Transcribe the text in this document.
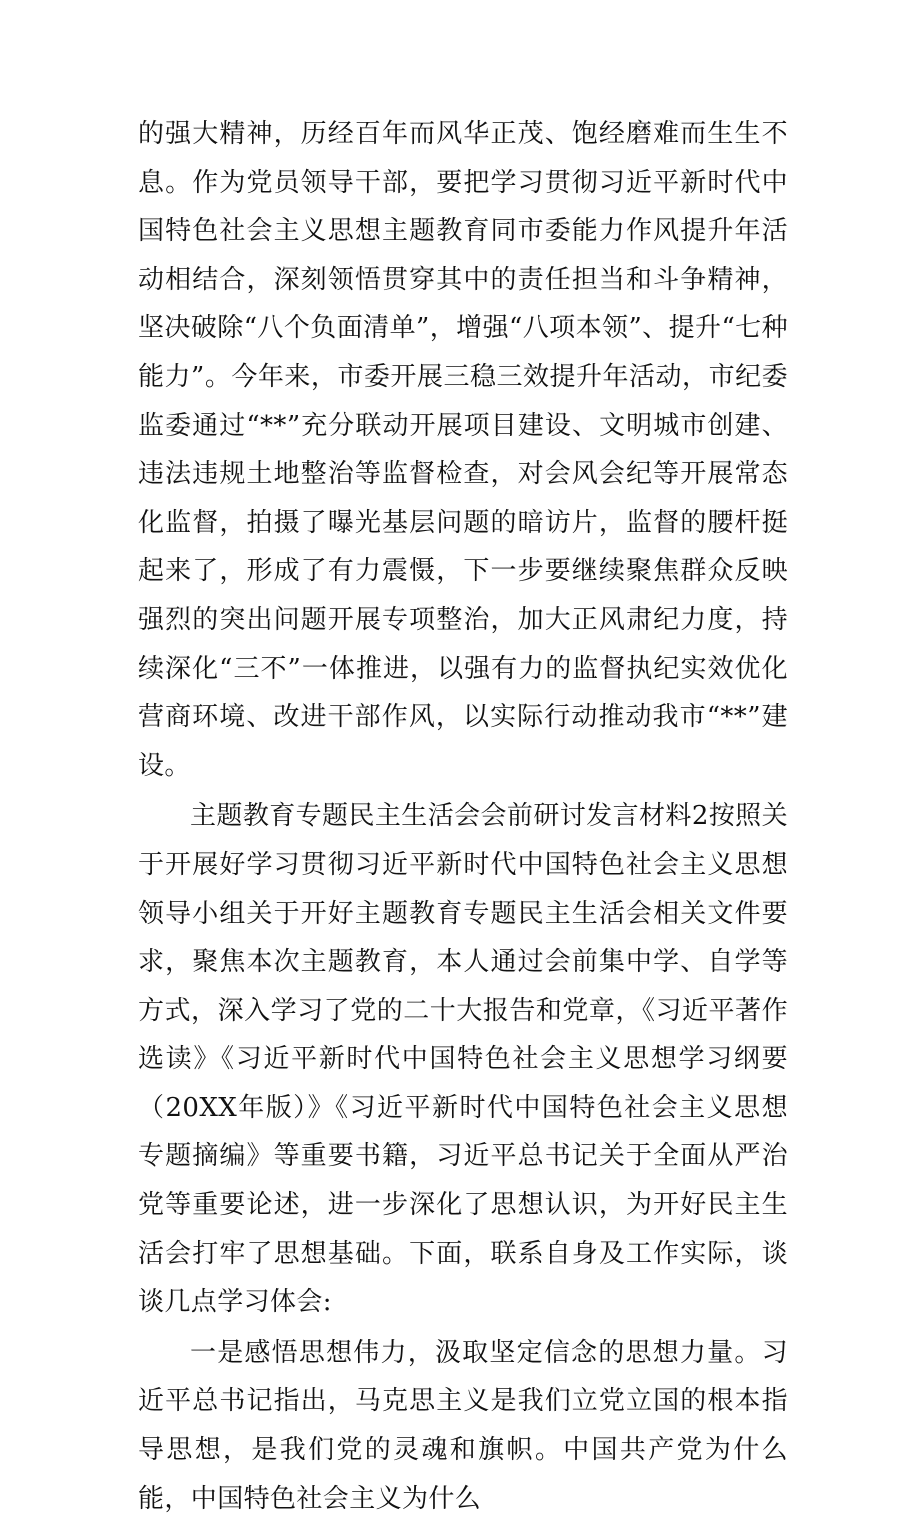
的强大精神，历经百年而风华正茂、饱经磨难而生生不息。作为党员领导干部，要把学习贯彻习近平新时代中国特色社会主义思想主题教育同市委能力作风提升年活动相结合，深刻领悟贯穿其中的责任担当和斗争精神，坚决破除“八个负面清单”，增强“八项本领”、提升“七种能力”。今年来，市委开展三稳三效提升年活动，市纪委监委通过“**”充分联动开展项目建设、文明城市创建、违法违规土地整治等监督检查，对会风会纪等开展常态化监督，拍摄了曝光基层问题的暗访片，监督的腰杆挺起来了，形成了有力震慑，下一步要继续聚焦群众反映强烈的突出问题开展专项整治，加大正风肃纪力度，持续深化“三不”一体推进，以强有力的监督执纪实效优化营商环境、改进干部作风，以实际行动推动我市“**”建设。

主题教育专题民主生活会会前研讨发言材料2按照关于开展好学习贯彻习近平新时代中国特色社会主义思想领导小组关于开好主题教育专题民主生活会相关文件要求，聚焦本次主题教育，本人通过会前集中学、自学等方式，深入学习了党的二十大报告和党章，《习近平著作选读》《习近平新时代中国特色社会主义思想学习纲要（20XX年版）》《习近平新时代中国特色社会主义思想专题摘编》等重要书籍，习近平总书记关于全面从严治党等重要论述，进一步深化了思想认识，为开好民主生活会打牢了思想基础。下面，联系自身及工作实际，谈谈几点学习体会:

一是感悟思想伟力，汲取坚定信念的思想力量。习近平总书记指出，马克思主义是我们立党立国的根本指导思想，是我们党的灵魂和旗帜。中国共产党为什么能，中国特色社会主义为什么
